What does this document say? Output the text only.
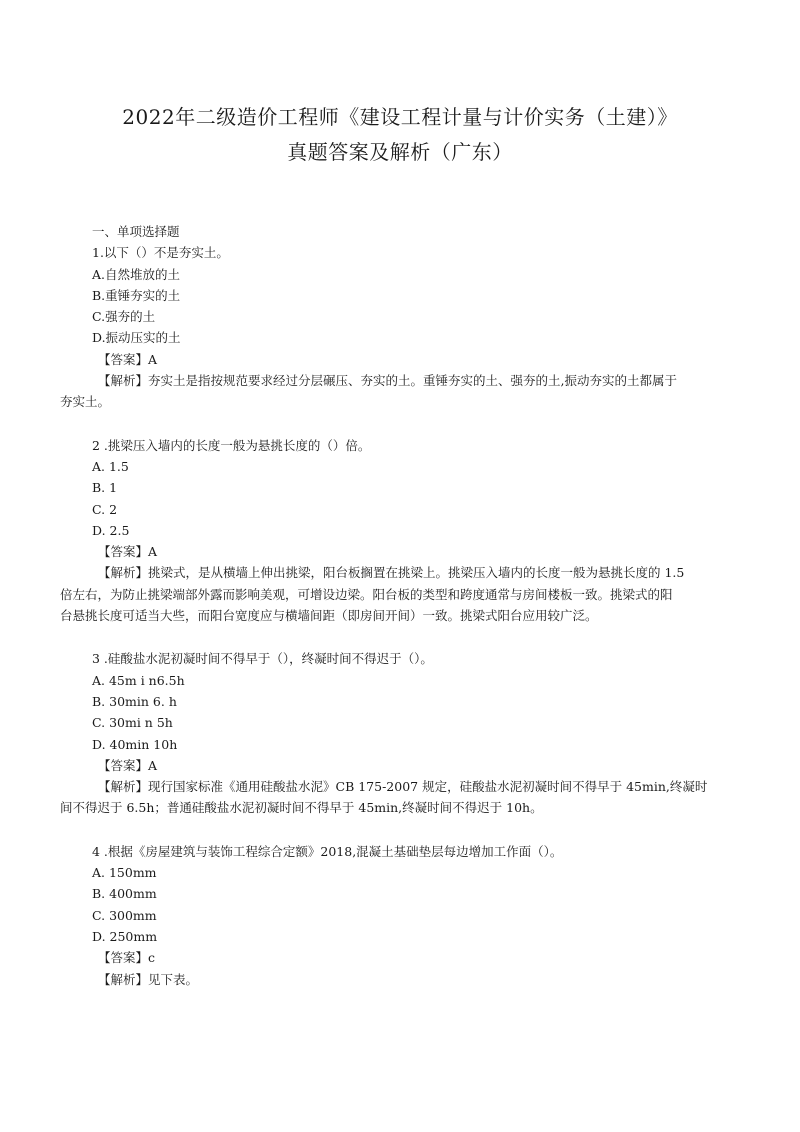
2022年二级造价工程师《建设工程计量与计价实务（土建）》
真题答案及解析（广东）
一、单项选择题
1.以下（）不是夯实土。
A.自然堆放的土
B.重锤夯实的土
C.强夯的土
D.振动压实的土
【答案】A
【解析】夯实土是指按规范要求经过分层碾压、夯实的土。重锤夯实的土、强夯的土,振动夯实的土都属于
夯实土。
2 .挑梁压入墙内的长度一般为悬挑长度的（）倍。
A. 1.5
B. 1
C. 2
D. 2.5
【答案】A
【解析】挑梁式，是从横墙上伸出挑梁，阳台板搁置在挑梁上。挑梁压入墙内的长度一般为悬挑长度的 1.5
倍左右，为防止挑梁端部外露而影响美观，可增设边梁。阳台板的类型和跨度通常与房间楼板一致。挑梁式的阳
台悬挑长度可适当大些，而阳台宽度应与横墙间距（即房间开间）一致。挑梁式阳台应用较广泛。
3 .硅酸盐水泥初凝时间不得早于（），终凝时间不得迟于（）。
A. 45m i n6.5h
B. 30min 6. h
C. 30mi n 5h
D. 40min 10h
【答案】A
【解析】现行国家标准《通用硅酸盐水泥》CB 175-2007 规定，硅酸盐水泥初凝时间不得早于 45min,终凝时
间不得迟于 6.5h；普通硅酸盐水泥初凝时间不得早于 45min,终凝时间不得迟于 10h。
4 .根据《房屋建筑与装饰工程综合定额》2018,混凝土基础垫层每边增加工作面（）。
A. 150mm
B. 400mm
C. 300mm
D. 250mm
【答案】c
【解析】见下表。
